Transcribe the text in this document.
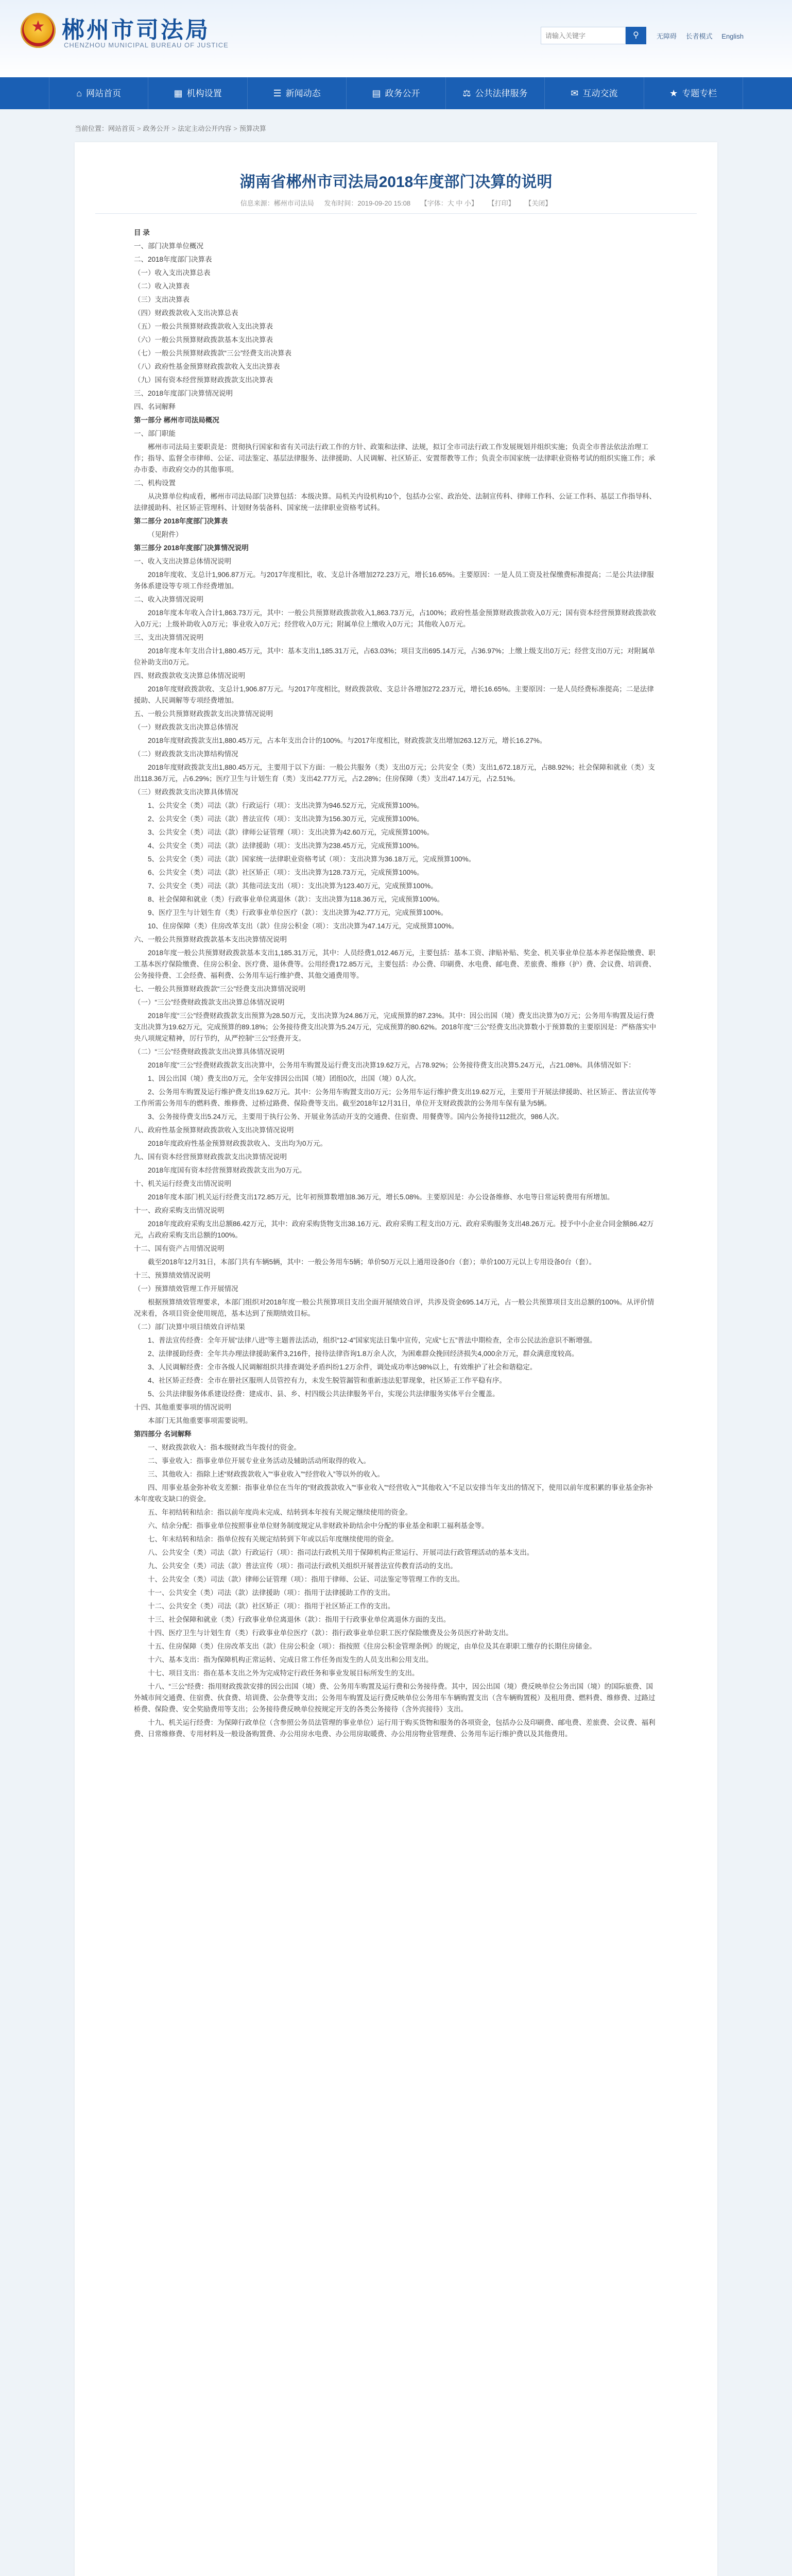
★
郴州市司法局
CHENZHOU MUNICIPAL BUREAU OF JUSTICE
请输入关键字
⚲	无障碍 长者模式 English
⌂ 网站首页	▦ 机构设置	☰ 新闻动态	▤ 政务公开	⚖ 公共法律服务	✉ 互动交流	★ 专题专栏
当前位置：网站首页 > 政务公开 > 法定主动公开内容 > 预算决算
湖南省郴州市司法局2018年度部门决算的说明
信息来源：郴州市司法局 发布时间：2019-09-20 15:08 【字体：大 中 小】 【打印】 【关闭】

目 录

一、部门决算单位概况

二、2018年度部门决算表

（一）收入支出决算总表

（二）收入决算表

（三）支出决算表

（四）财政拨款收入支出决算总表

（五）一般公共预算财政拨款收入支出决算表

（六）一般公共预算财政拨款基本支出决算表

（七）一般公共预算财政拨款“三公”经费支出决算表

（八）政府性基金预算财政拨款收入支出决算表

（九）国有资本经营预算财政拨款支出决算表

三、2018年度部门决算情况说明

四、名词解释

第一部分 郴州市司法局概况

一、部门职能

郴州市司法局主要职责是：贯彻执行国家和省有关司法行政工作的方针、政策和法律、法规，拟订全市司法行政工作发展规划并组织实施；负责全市普法依法治理工作；指导、监督全市律师、公证、司法鉴定、基层法律服务、法律援助、人民调解、社区矫正、安置帮教等工作；负责全市国家统一法律职业资格考试的组织实施工作；承办市委、市政府交办的其他事项。

二、机构设置

从决算单位构成看，郴州市司法局部门决算包括：本级决算。局机关内设机构10个，包括办公室、政治处、法制宣传科、律师工作科、公证工作科、基层工作指导科、法律援助科、社区矫正管理科、计划财务装备科、国家统一法律职业资格考试科。

第二部分 2018年度部门决算表

（见附件）

第三部分 2018年度部门决算情况说明

一、收入支出决算总体情况说明

2018年度收、支总计1,906.87万元。与2017年度相比，收、支总计各增加272.23万元，增长16.65%。主要原因：一是人员工资及社保缴费标准提高；二是公共法律服务体系建设等专项工作经费增加。

二、收入决算情况说明

2018年度本年收入合计1,863.73万元，其中：一般公共预算财政拨款收入1,863.73万元，占100%；政府性基金预算财政拨款收入0万元；国有资本经营预算财政拨款收入0万元；上级补助收入0万元；事业收入0万元；经营收入0万元；附属单位上缴收入0万元；其他收入0万元。

三、支出决算情况说明

2018年度本年支出合计1,880.45万元，其中：基本支出1,185.31万元，占63.03%；项目支出695.14万元，占36.97%；上缴上级支出0万元；经营支出0万元；对附属单位补助支出0万元。

四、财政拨款收支决算总体情况说明

2018年度财政拨款收、支总计1,906.87万元。与2017年度相比，财政拨款收、支总计各增加272.23万元，增长16.65%。主要原因：一是人员经费标准提高；二是法律援助、人民调解等专项经费增加。

五、一般公共预算财政拨款支出决算情况说明

（一）财政拨款支出决算总体情况

2018年度财政拨款支出1,880.45万元，占本年支出合计的100%。与2017年度相比，财政拨款支出增加263.12万元，增长16.27%。

（二）财政拨款支出决算结构情况

2018年度财政拨款支出1,880.45万元，主要用于以下方面：一般公共服务（类）支出0万元；公共安全（类）支出1,672.18万元，占88.92%；社会保障和就业（类）支出118.36万元，占6.29%；医疗卫生与计划生育（类）支出42.77万元，占2.28%；住房保障（类）支出47.14万元，占2.51%。

（三）财政拨款支出决算具体情况

1、公共安全（类）司法（款）行政运行（项）：支出决算为946.52万元，完成预算100%。

2、公共安全（类）司法（款）普法宣传（项）：支出决算为156.30万元，完成预算100%。

3、公共安全（类）司法（款）律师公证管理（项）：支出决算为42.60万元，完成预算100%。

4、公共安全（类）司法（款）法律援助（项）：支出决算为238.45万元，完成预算100%。

5、公共安全（类）司法（款）国家统一法律职业资格考试（项）：支出决算为36.18万元，完成预算100%。

6、公共安全（类）司法（款）社区矫正（项）：支出决算为128.73万元，完成预算100%。

7、公共安全（类）司法（款）其他司法支出（项）：支出决算为123.40万元，完成预算100%。

8、社会保障和就业（类）行政事业单位离退休（款）：支出决算为118.36万元，完成预算100%。

9、医疗卫生与计划生育（类）行政事业单位医疗（款）：支出决算为42.77万元，完成预算100%。

10、住房保障（类）住房改革支出（款）住房公积金（项）：支出决算为47.14万元，完成预算100%。

六、一般公共预算财政拨款基本支出决算情况说明

2018年度一般公共预算财政拨款基本支出1,185.31万元，其中：人员经费1,012.46万元，主要包括：基本工资、津贴补贴、奖金、机关事业单位基本养老保险缴费、职工基本医疗保险缴费、住房公积金、医疗费、退休费等。公用经费172.85万元，主要包括：办公费、印刷费、水电费、邮电费、差旅费、维修（护）费、会议费、培训费、公务接待费、工会经费、福利费、公务用车运行维护费、其他交通费用等。

七、一般公共预算财政拨款“三公”经费支出决算情况说明

（一）“三公”经费财政拨款支出决算总体情况说明

2018年度“三公”经费财政拨款支出预算为28.50万元，支出决算为24.86万元，完成预算的87.23%。其中：因公出国（境）费支出决算为0万元；公务用车购置及运行费支出决算为19.62万元，完成预算的89.18%；公务接待费支出决算为5.24万元，完成预算的80.62%。2018年度“三公”经费支出决算数小于预算数的主要原因是：严格落实中央八项规定精神，厉行节约，从严控制“三公”经费开支。

（二）“三公”经费财政拨款支出决算具体情况说明

2018年度“三公”经费财政拨款支出决算中，公务用车购置及运行费支出决算19.62万元，占78.92%；公务接待费支出决算5.24万元，占21.08%。具体情况如下：

1、因公出国（境）费支出0万元，全年安排因公出国（境）团组0次，出国（境）0人次。

2、公务用车购置及运行维护费支出19.62万元。其中：公务用车购置支出0万元；公务用车运行维护费支出19.62万元，主要用于开展法律援助、社区矫正、普法宣传等工作所需公务用车的燃料费、维修费、过桥过路费、保险费等支出。截至2018年12月31日，单位开支财政拨款的公务用车保有量为5辆。

3、公务接待费支出5.24万元，主要用于执行公务、开展业务活动开支的交通费、住宿费、用餐费等。国内公务接待112批次，986人次。

八、政府性基金预算财政拨款收入支出决算情况说明

2018年度政府性基金预算财政拨款收入、支出均为0万元。

九、国有资本经营预算财政拨款支出决算情况说明

2018年度国有资本经营预算财政拨款支出为0万元。

十、机关运行经费支出情况说明

2018年度本部门机关运行经费支出172.85万元，比年初预算数增加8.36万元，增长5.08%。主要原因是：办公设备维修、水电等日常运转费用有所增加。

十一、政府采购支出情况说明

2018年度政府采购支出总额86.42万元，其中：政府采购货物支出38.16万元、政府采购工程支出0万元、政府采购服务支出48.26万元。授予中小企业合同金额86.42万元，占政府采购支出总额的100%。

十二、国有资产占用情况说明

截至2018年12月31日，本部门共有车辆5辆，其中：一般公务用车5辆；单价50万元以上通用设备0台（套）；单价100万元以上专用设备0台（套）。

十三、预算绩效情况说明

（一）预算绩效管理工作开展情况

根据预算绩效管理要求，本部门组织对2018年度一般公共预算项目支出全面开展绩效自评，共涉及资金695.14万元，占一般公共预算项目支出总额的100%。从评价情况来看，各项目资金使用规范，基本达到了预期绩效目标。

（二）部门决算中项目绩效自评结果

1、普法宣传经费：全年开展“法律八进”等主题普法活动，组织“12·4”国家宪法日集中宣传，完成“七五”普法中期检查，全市公民法治意识不断增强。

2、法律援助经费：全年共办理法律援助案件3,216件，接待法律咨询1.8万余人次，为困难群众挽回经济损失4,000余万元，群众满意度较高。

3、人民调解经费：全市各级人民调解组织共排查调处矛盾纠纷1.2万余件，调处成功率达98%以上，有效维护了社会和谐稳定。

4、社区矫正经费：全市在册社区服刑人员管控有力，未发生脱管漏管和重新违法犯罪现象，社区矫正工作平稳有序。

5、公共法律服务体系建设经费：建成市、县、乡、村四级公共法律服务平台，实现公共法律服务实体平台全覆盖。

十四、其他重要事项的情况说明

本部门无其他重要事项需要说明。

第四部分 名词解释

一、财政拨款收入：指本级财政当年拨付的资金。

二、事业收入：指事业单位开展专业业务活动及辅助活动所取得的收入。

三、其他收入：指除上述“财政拨款收入”“事业收入”“经营收入”等以外的收入。

四、用事业基金弥补收支差额：指事业单位在当年的“财政拨款收入”“事业收入”“经营收入”“其他收入”不足以安排当年支出的情况下，使用以前年度积累的事业基金弥补本年度收支缺口的资金。

五、年初结转和结余：指以前年度尚未完成、结转到本年按有关规定继续使用的资金。

六、结余分配：指事业单位按照事业单位财务制度规定从非财政补助结余中分配的事业基金和职工福利基金等。

七、年末结转和结余：指单位按有关规定结转到下年或以后年度继续使用的资金。

八、公共安全（类）司法（款）行政运行（项）：指司法行政机关用于保障机构正常运行、开展司法行政管理活动的基本支出。

九、公共安全（类）司法（款）普法宣传（项）：指司法行政机关组织开展普法宣传教育活动的支出。

十、公共安全（类）司法（款）律师公证管理（项）：指用于律师、公证、司法鉴定等管理工作的支出。

十一、公共安全（类）司法（款）法律援助（项）：指用于法律援助工作的支出。

十二、公共安全（类）司法（款）社区矫正（项）：指用于社区矫正工作的支出。

十三、社会保障和就业（类）行政事业单位离退休（款）：指用于行政事业单位离退休方面的支出。

十四、医疗卫生与计划生育（类）行政事业单位医疗（款）：指行政事业单位职工医疗保险缴费及公务员医疗补助支出。

十五、住房保障（类）住房改革支出（款）住房公积金（项）：指按照《住房公积金管理条例》的规定，由单位及其在职职工缴存的长期住房储金。

十六、基本支出：指为保障机构正常运转、完成日常工作任务而发生的人员支出和公用支出。

十七、项目支出：指在基本支出之外为完成特定行政任务和事业发展目标所发生的支出。

十八、“三公”经费：指用财政拨款安排的因公出国（境）费、公务用车购置及运行费和公务接待费。其中，因公出国（境）费反映单位公务出国（境）的国际旅费、国外城市间交通费、住宿费、伙食费、培训费、公杂费等支出；公务用车购置及运行费反映单位公务用车车辆购置支出（含车辆购置税）及租用费、燃料费、维修费、过路过桥费、保险费、安全奖励费用等支出；公务接待费反映单位按规定开支的各类公务接待（含外宾接待）支出。

十九、机关运行经费：为保障行政单位（含参照公务员法管理的事业单位）运行用于购买货物和服务的各项资金，包括办公及印刷费、邮电费、差旅费、会议费、福利费、日常维修费、专用材料及一般设备购置费、办公用房水电费、办公用房取暖费、办公用房物业管理费、公务用车运行维护费以及其他费用。
